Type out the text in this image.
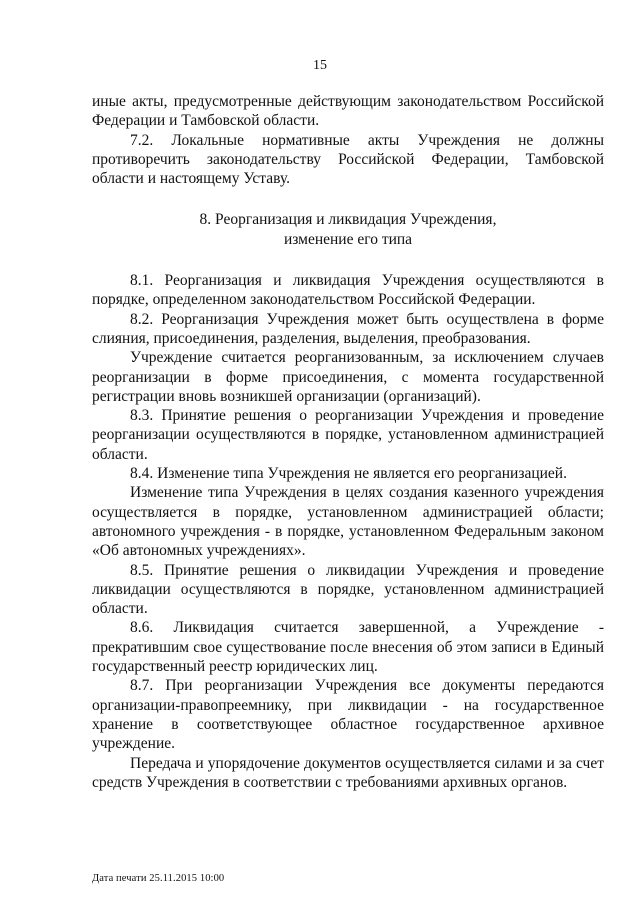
15

иные акты, предусмотренные действующим законодательством Российской Федерации и Тамбовской области.

7.2. Локальные нормативные акты Учреждения не должны противоречить законодательству Российской Федерации, Тамбовской области и настоящему Уставу.

8. Реорганизация и ликвидация Учреждения,
изменение его типа

8.1. Реорганизация и ликвидация Учреждения осуществляются в порядке, определенном законодательством Российской Федерации.

8.2. Реорганизация Учреждения может быть осуществлена в форме слияния, присоединения, разделения, выделения, преобразования.

Учреждение считается реорганизованным, за исключением случаев реорганизации в форме присоединения, с момента государственной регистрации вновь возникшей организации (организаций).

8.3. Принятие решения о реорганизации Учреждения и проведение реорганизации осуществляются в порядке, установленном администрацией области.

8.4. Изменение типа Учреждения не является его реорганизацией.

Изменение типа Учреждения в целях создания казенного учреждения осуществляется в порядке, установленном администрацией области; автономного учреждения - в порядке, установленном Федеральным законом «Об автономных учреждениях».

8.5. Принятие решения о ликвидации Учреждения и проведение ликвидации осуществляются в порядке, установленном администрацией области.

8.6. Ликвидация считается завершенной, а Учреждение - прекратившим свое существование после внесения об этом записи в Единый государственный реестр юридических лиц.

8.7. При реорганизации Учреждения все документы передаются организации-правопреемнику, при ликвидации - на государственное хранение в соответствующее областное государственное архивное учреждение.

Передача и упорядочение документов осуществляется силами и за счет средств Учреждения в соответствии с требованиями архивных органов.

Дата печати 25.11.2015 10:00
